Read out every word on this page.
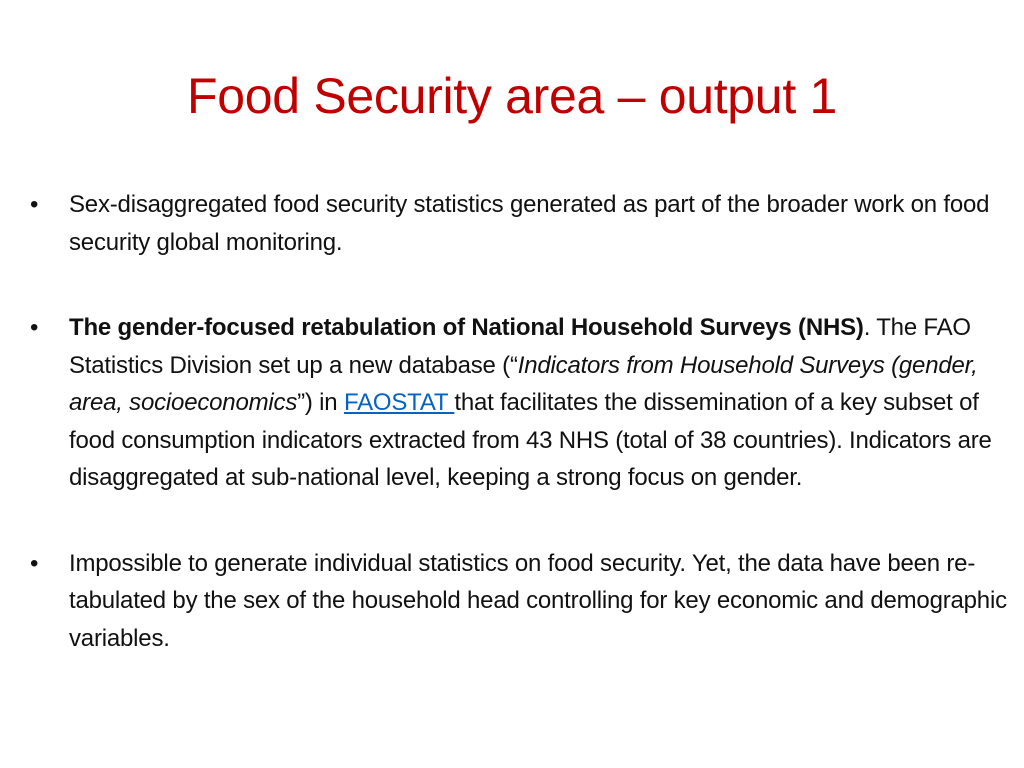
Food Security area – output 1
•	Sex-disaggregated food security statistics generated as part of the broader work on food security global monitoring.
•	The gender-focused retabulation of National Household Surveys (NHS). The FAO Statistics Division set up a new database (“Indicators from Household Surveys (gender, area, socioeconomics”) in FAOSTAT that facilitates the dissemination of a key subset of food consumption indicators extracted from 43 NHS (total of 38 countries). Indicators are disaggregated at sub-national level, keeping a strong focus on gender.
•	Impossible to generate individual statistics on food security. Yet, the data have been re-tabulated by the sex of the household head controlling for key economic and demographic variables.
